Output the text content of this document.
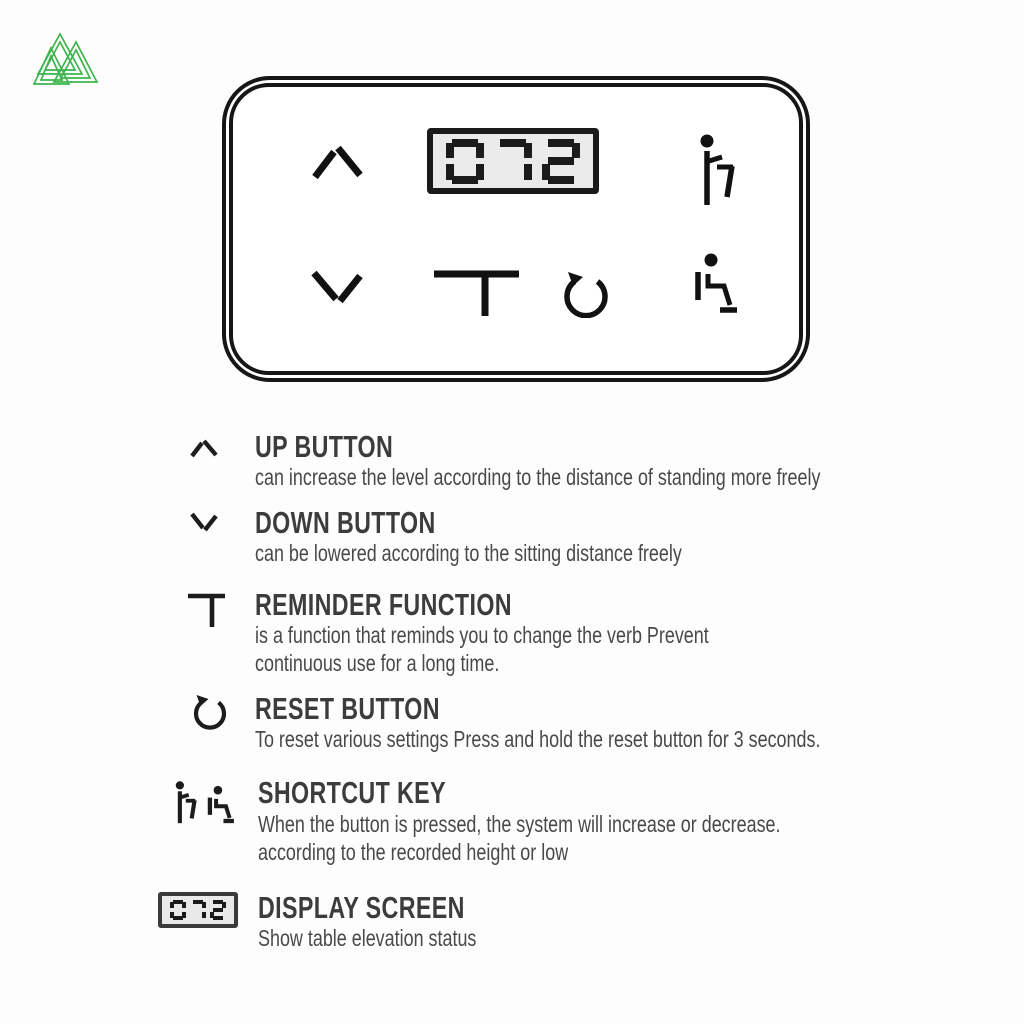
UP BUTTON
can increase the level according to the distance of standing more freely
DOWN BUTTON
can be lowered according to the sitting distance freely
REMINDER FUNCTION
is a function that reminds you to change the verb Prevent
continuous use for a long time.
RESET BUTTON
To reset various settings Press and hold the reset button for 3 seconds.
SHORTCUT KEY
When the button is pressed, the system will increase or decrease.
according to the recorded height or low
DISPLAY SCREEN
Show table elevation status
